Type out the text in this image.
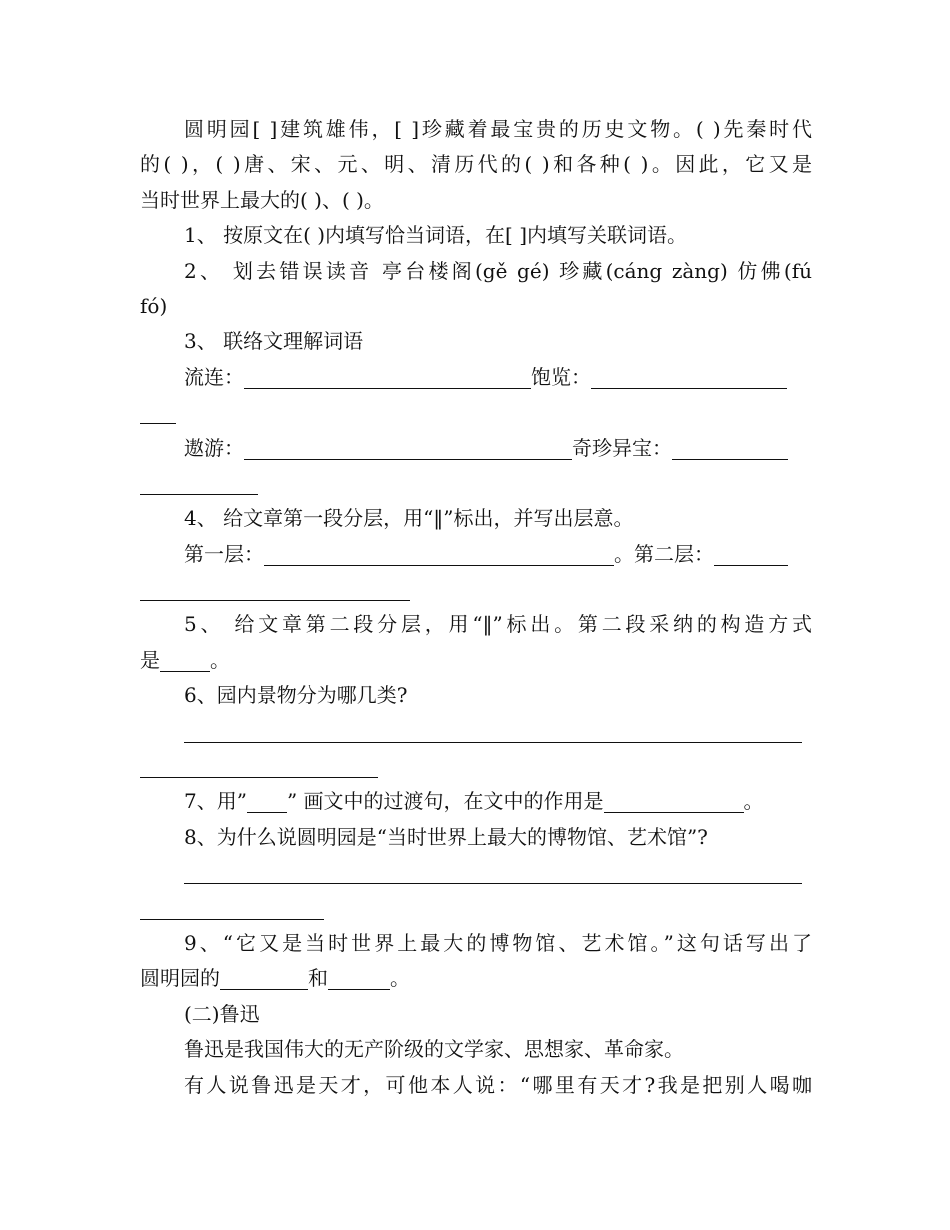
圆明园[ ]建筑雄伟，[ ]珍藏着最宝贵的历史文物。( )先秦时代
的( )，( )唐、宋、元、明、清历代的( )和各种( )。因此，它又是
当时世界上最大的( )、( )。
1、 按原文在( )内填写恰当词语，在[ ]内填写关联词语。
2、 划去错误读音 亭台楼阁(gě gé) 珍藏(cáng zàng) 仿佛(fú
fó)
3、 联络文理解词语
流连：	饱览：
遨游：	奇珍异宝：
4、 给文章第一段分层，用“‖”标出，并写出层意。
第一层：	。第二层：
5、 给文章第二段分层，用“‖”标出。第二段采纳的构造方式
是	。
6、园内景物分为哪几类?
7、用” ” 画文中的过渡句，在文中的作用是	。
8、为什么说圆明园是“当时世界上最大的博物馆、艺术馆”?
9、“它又是当时世界上最大的博物馆、艺术馆。”这句话写出了
圆明园的	和	。
(二)鲁迅
鲁迅是我国伟大的无产阶级的文学家、思想家、革命家。
有人说鲁迅是天才，可他本人说：“哪里有天才?我是把别人喝咖
